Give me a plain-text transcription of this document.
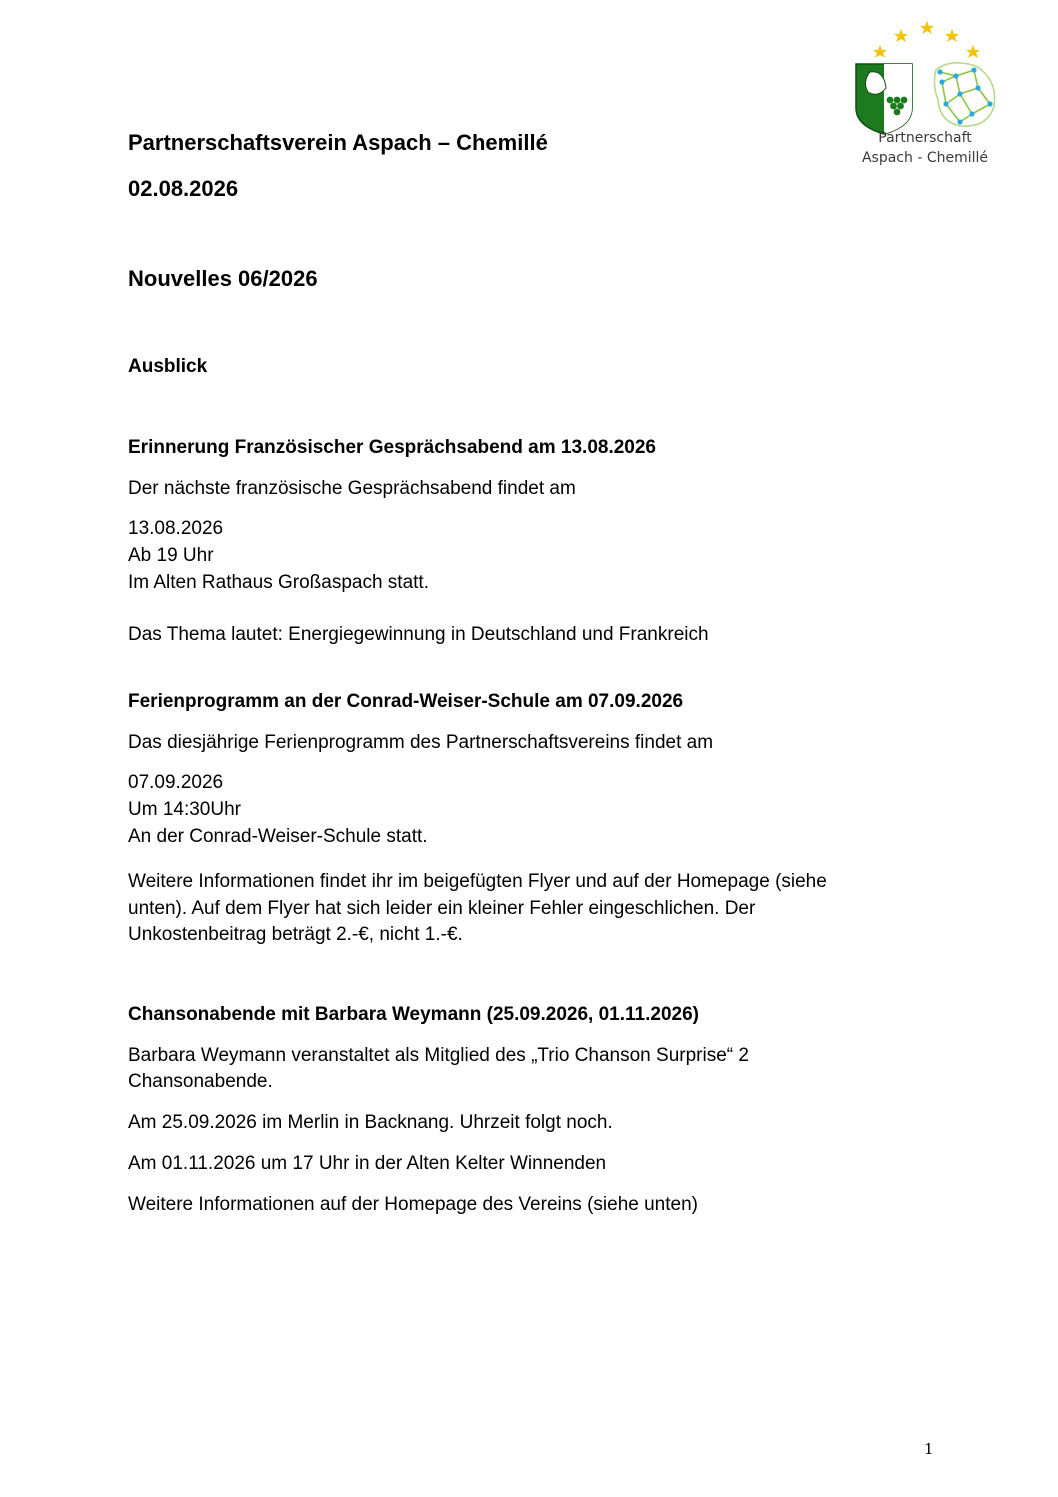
Partnerschaft
Aspach - Chemillé
Partnerschaftsverein Aspach – Chemillé
02.08.2026
Nouvelles 06/2026
Ausblick
Erinnerung Französischer Gesprächsabend am 13.08.2026
Der nächste französische Gesprächsabend findet am
13.08.2026
Ab 19 Uhr
Im Alten Rathaus Großaspach statt.
Das Thema lautet: Energiegewinnung in Deutschland und Frankreich
Ferienprogramm an der Conrad-Weiser-Schule am 07.09.2026
Das diesjährige Ferienprogramm des Partnerschaftsvereins findet am
07.09.2026
Um 14:30Uhr
An der Conrad-Weiser-Schule statt.
Weitere Informationen findet ihr im beigefügten Flyer und auf der Homepage (siehe
unten). Auf dem Flyer hat sich leider ein kleiner Fehler eingeschlichen. Der
Unkostenbeitrag beträgt 2.-€, nicht 1.-€.
Chansonabende mit Barbara Weymann (25.09.2026, 01.11.2026)
Barbara Weymann veranstaltet als Mitglied des „Trio Chanson Surprise“ 2
Chansonabende.
Am 25.09.2026 im Merlin in Backnang. Uhrzeit folgt noch.
Am 01.11.2026 um 17 Uhr in der Alten Kelter Winnenden
Weitere Informationen auf der Homepage des Vereins (siehe unten)
1
